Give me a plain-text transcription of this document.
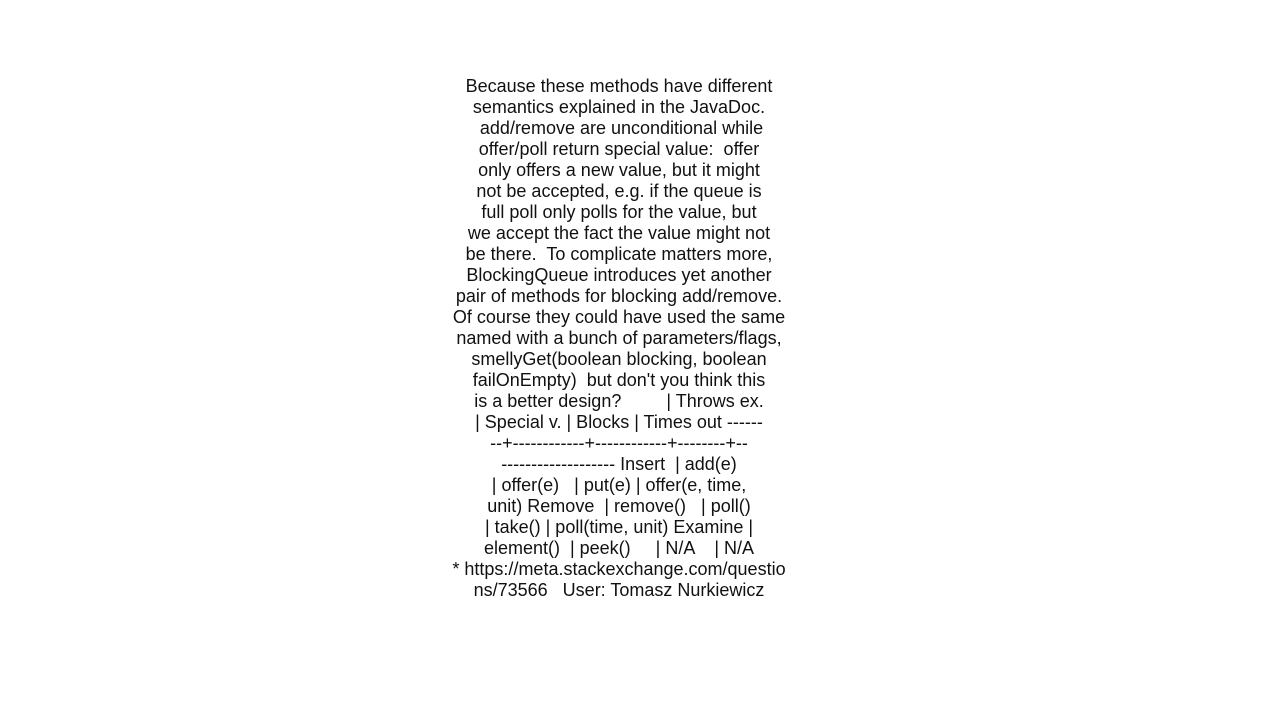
Because these methods have different
semantics explained in the JavaDoc.
add/remove are unconditional while
offer/poll return special value:  offer
only offers a new value, but it might
not be accepted, e.g. if the queue is
full poll only polls for the value, but
we accept the fact the value might not
be there.  To complicate matters more,
BlockingQueue introduces yet another
pair of methods for blocking add/remove.
Of course they could have used the same
named with a bunch of parameters/flags,
smellyGet(boolean blocking, boolean
failOnEmpty)  but don't you think this
is a better design?         | Throws ex.
| Special v. | Blocks | Times out ------
--+------------+------------+--------+--
------------------- Insert  | add(e)
| offer(e)   | put(e) | offer(e, time,
unit) Remove  | remove()   | poll()
| take() | poll(time, unit) Examine |
element()  | peek()     | N/A    | N/A
* https://meta.stackexchange.com/questio
ns/73566   User: Tomasz Nurkiewicz
